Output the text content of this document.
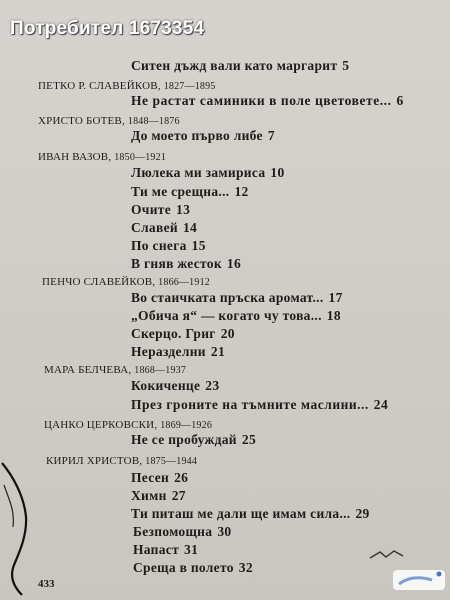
Потребител 1673354
Ситен дъжд вали като маргарит 5
ПЕТКО Р. СЛАВЕЙКОВ, 1827—1895
Не растат саминики в поле цветовете... 6
ХРИСТО БОТЕВ, 1848—1876
До моето първо либе 7
ИВАН ВАЗОВ, 1850—1921
Люлека ми замириса 10
Ти ме срещна... 12
Очите 13
Славей 14
По снега 15
В гняв жесток 16
ПЕНЧО СЛАВЕЙКОВ, 1866—1912
Во стаичката пръска аромат... 17
„Обича я“ — когато чу това... 18
Скерцо. Григ 20
Неразделни 21
МАРА БЕЛЧЕВА, 1868—1937
Кокиченце 23
През гроните на тъмните маслини... 24
ЦАНКО ЦЕРКОВСКИ, 1869—1926
Не се пробуждай 25
КИРИЛ ХРИСТОВ, 1875—1944
Песен 26
Химн 27
Ти питаш ме дали ще имам сила... 29
Безпомощна 30
Напаст 31
Среща в полето 32
433
